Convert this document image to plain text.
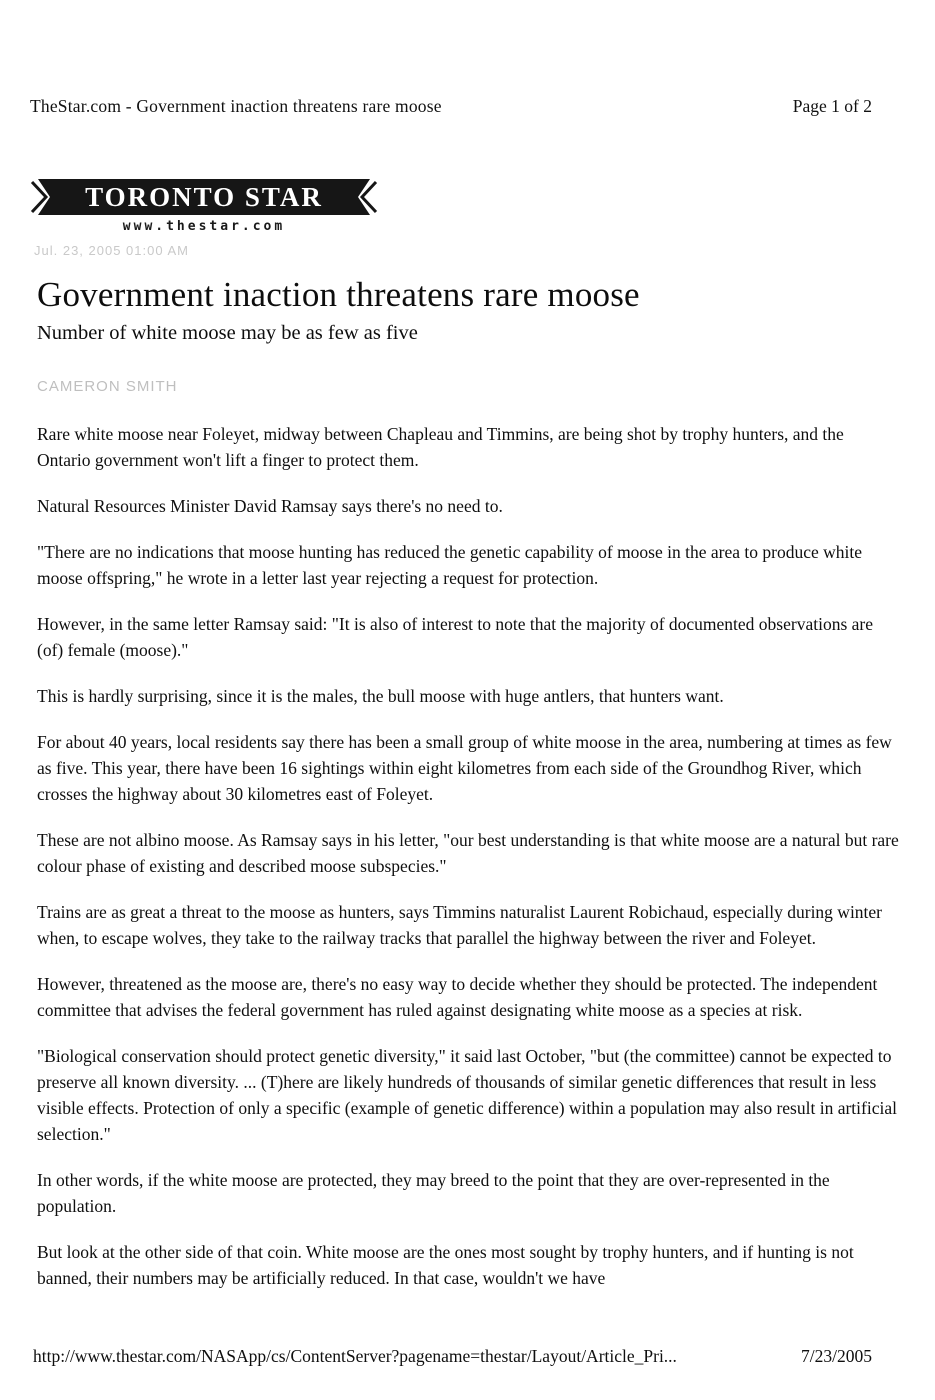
TheStar.com - Government inaction threatens rare moose	Page 1 of 2
TORONTO STAR
www.thestar.com
Jul. 23, 2005 01:00 AM
Government inaction threatens rare moose
Number of white moose may be as few as five
CAMERON SMITH

Rare white moose near Foleyet, midway between Chapleau and Timmins, are being shot by trophy hunters, and the Ontario government won't lift a finger to protect them.

Natural Resources Minister David Ramsay says there's no need to.

"There are no indications that moose hunting has reduced the genetic capability of moose in the area to produce white moose offspring," he wrote in a letter last year rejecting a request for protection.

However, in the same letter Ramsay said: "It is also of interest to note that the majority of documented observations are (of) female (moose)."

This is hardly surprising, since it is the males, the bull moose with huge antlers, that hunters want.

For about 40 years, local residents say there has been a small group of white moose in the area, numbering at times as few as five. This year, there have been 16 sightings within eight kilometres from each side of the Groundhog River, which crosses the highway about 30 kilometres east of Foleyet.

These are not albino moose. As Ramsay says in his letter, "our best understanding is that white moose are a natural but rare colour phase of existing and described moose subspecies."

Trains are as great a threat to the moose as hunters, says Timmins naturalist Laurent Robichaud, especially during winter when, to escape wolves, they take to the railway tracks that parallel the highway between the river and Foleyet.

However, threatened as the moose are, there's no easy way to decide whether they should be protected. The independent committee that advises the federal government has ruled against designating white moose as a species at risk.

"Biological conservation should protect genetic diversity," it said last October, "but (the committee) cannot be expected to preserve all known diversity. ... (T)here are likely hundreds of thousands of similar genetic differences that result in less visible effects. Protection of only a specific (example of genetic difference) within a population may also result in artificial selection."

In other words, if the white moose are protected, they may breed to the point that they are over-represented in the population.

But look at the other side of that coin. White moose are the ones most sought by trophy hunters, and if hunting is not banned, their numbers may be artificially reduced. In that case, wouldn't we have

http://www.thestar.com/NASApp/cs/ContentServer?pagename=thestar/Layout/Article_Pri...	7/23/2005
